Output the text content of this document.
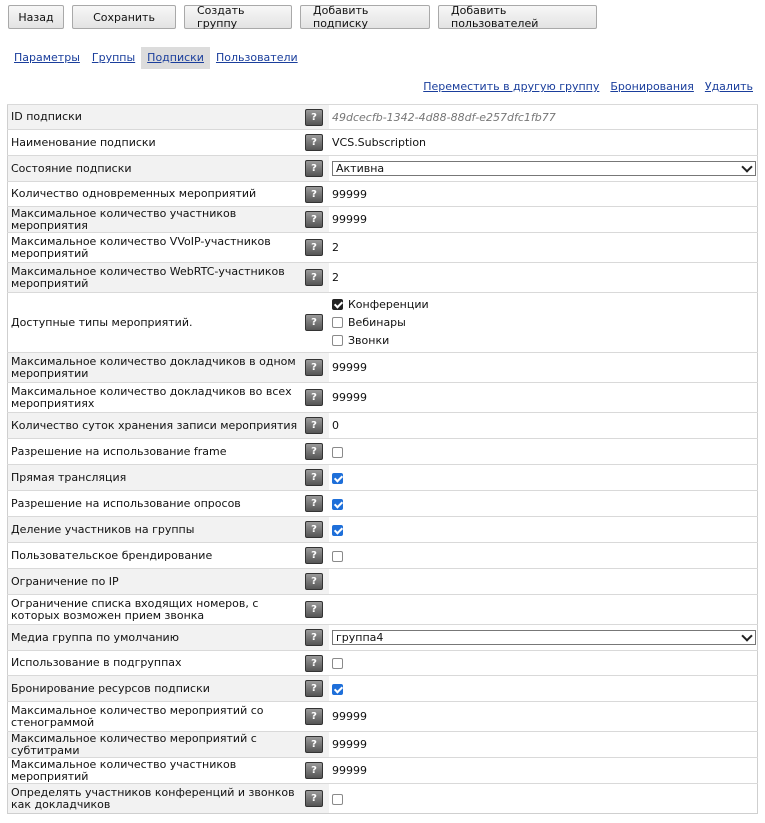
Назад	Сохранить	Создать группу
Добавить подписку
Добавить пользователей
Параметры	Группы	Подписки	Пользователи
Переместить в другую группу Бронирования Удалить
ID подписки	?	49dcecfb-1342-4d88-88df-e257dfc1fb77
Наименование подписки	?	VCS.Subscription
Состояние подписки	?	Активна

Количество одновременных мероприятий	?	99999
Максимальное количество участников мероприятия	?	99999
Максимальное количество VVoIP-участников мероприятий	?	2
Максимальное количество WebRTC-участников мероприятий	?	2
Доступные типы мероприятий.	?	Конференции
Вебинары
Звонки

Максимальное количество докладчиков в одном мероприятии	?	99999
Максимальное количество докладчиков во всех мероприятиях	?	99999
Количество суток хранения записи мероприятия	?	0
Разрешение на использование frame	?	
Прямая трансляция	?	
Разрешение на использование опросов	?	
Деление участников на группы	?	
Пользовательское брендирование	?	
Ограничение по IP	?	
Ограничение списка входящих номеров, с которых возможен прием звонка	?	
Медиа группа по умолчанию	?	группа4

Использование в подгруппах	?	
Бронирование ресурсов подписки	?	
Максимальное количество мероприятий со стенограммой	?	99999
Максимальное количество мероприятий с субтитрами	?	99999
Максимальное количество участников мероприятий	?	99999
Определять участников конференций и звонков как докладчиков	?	
